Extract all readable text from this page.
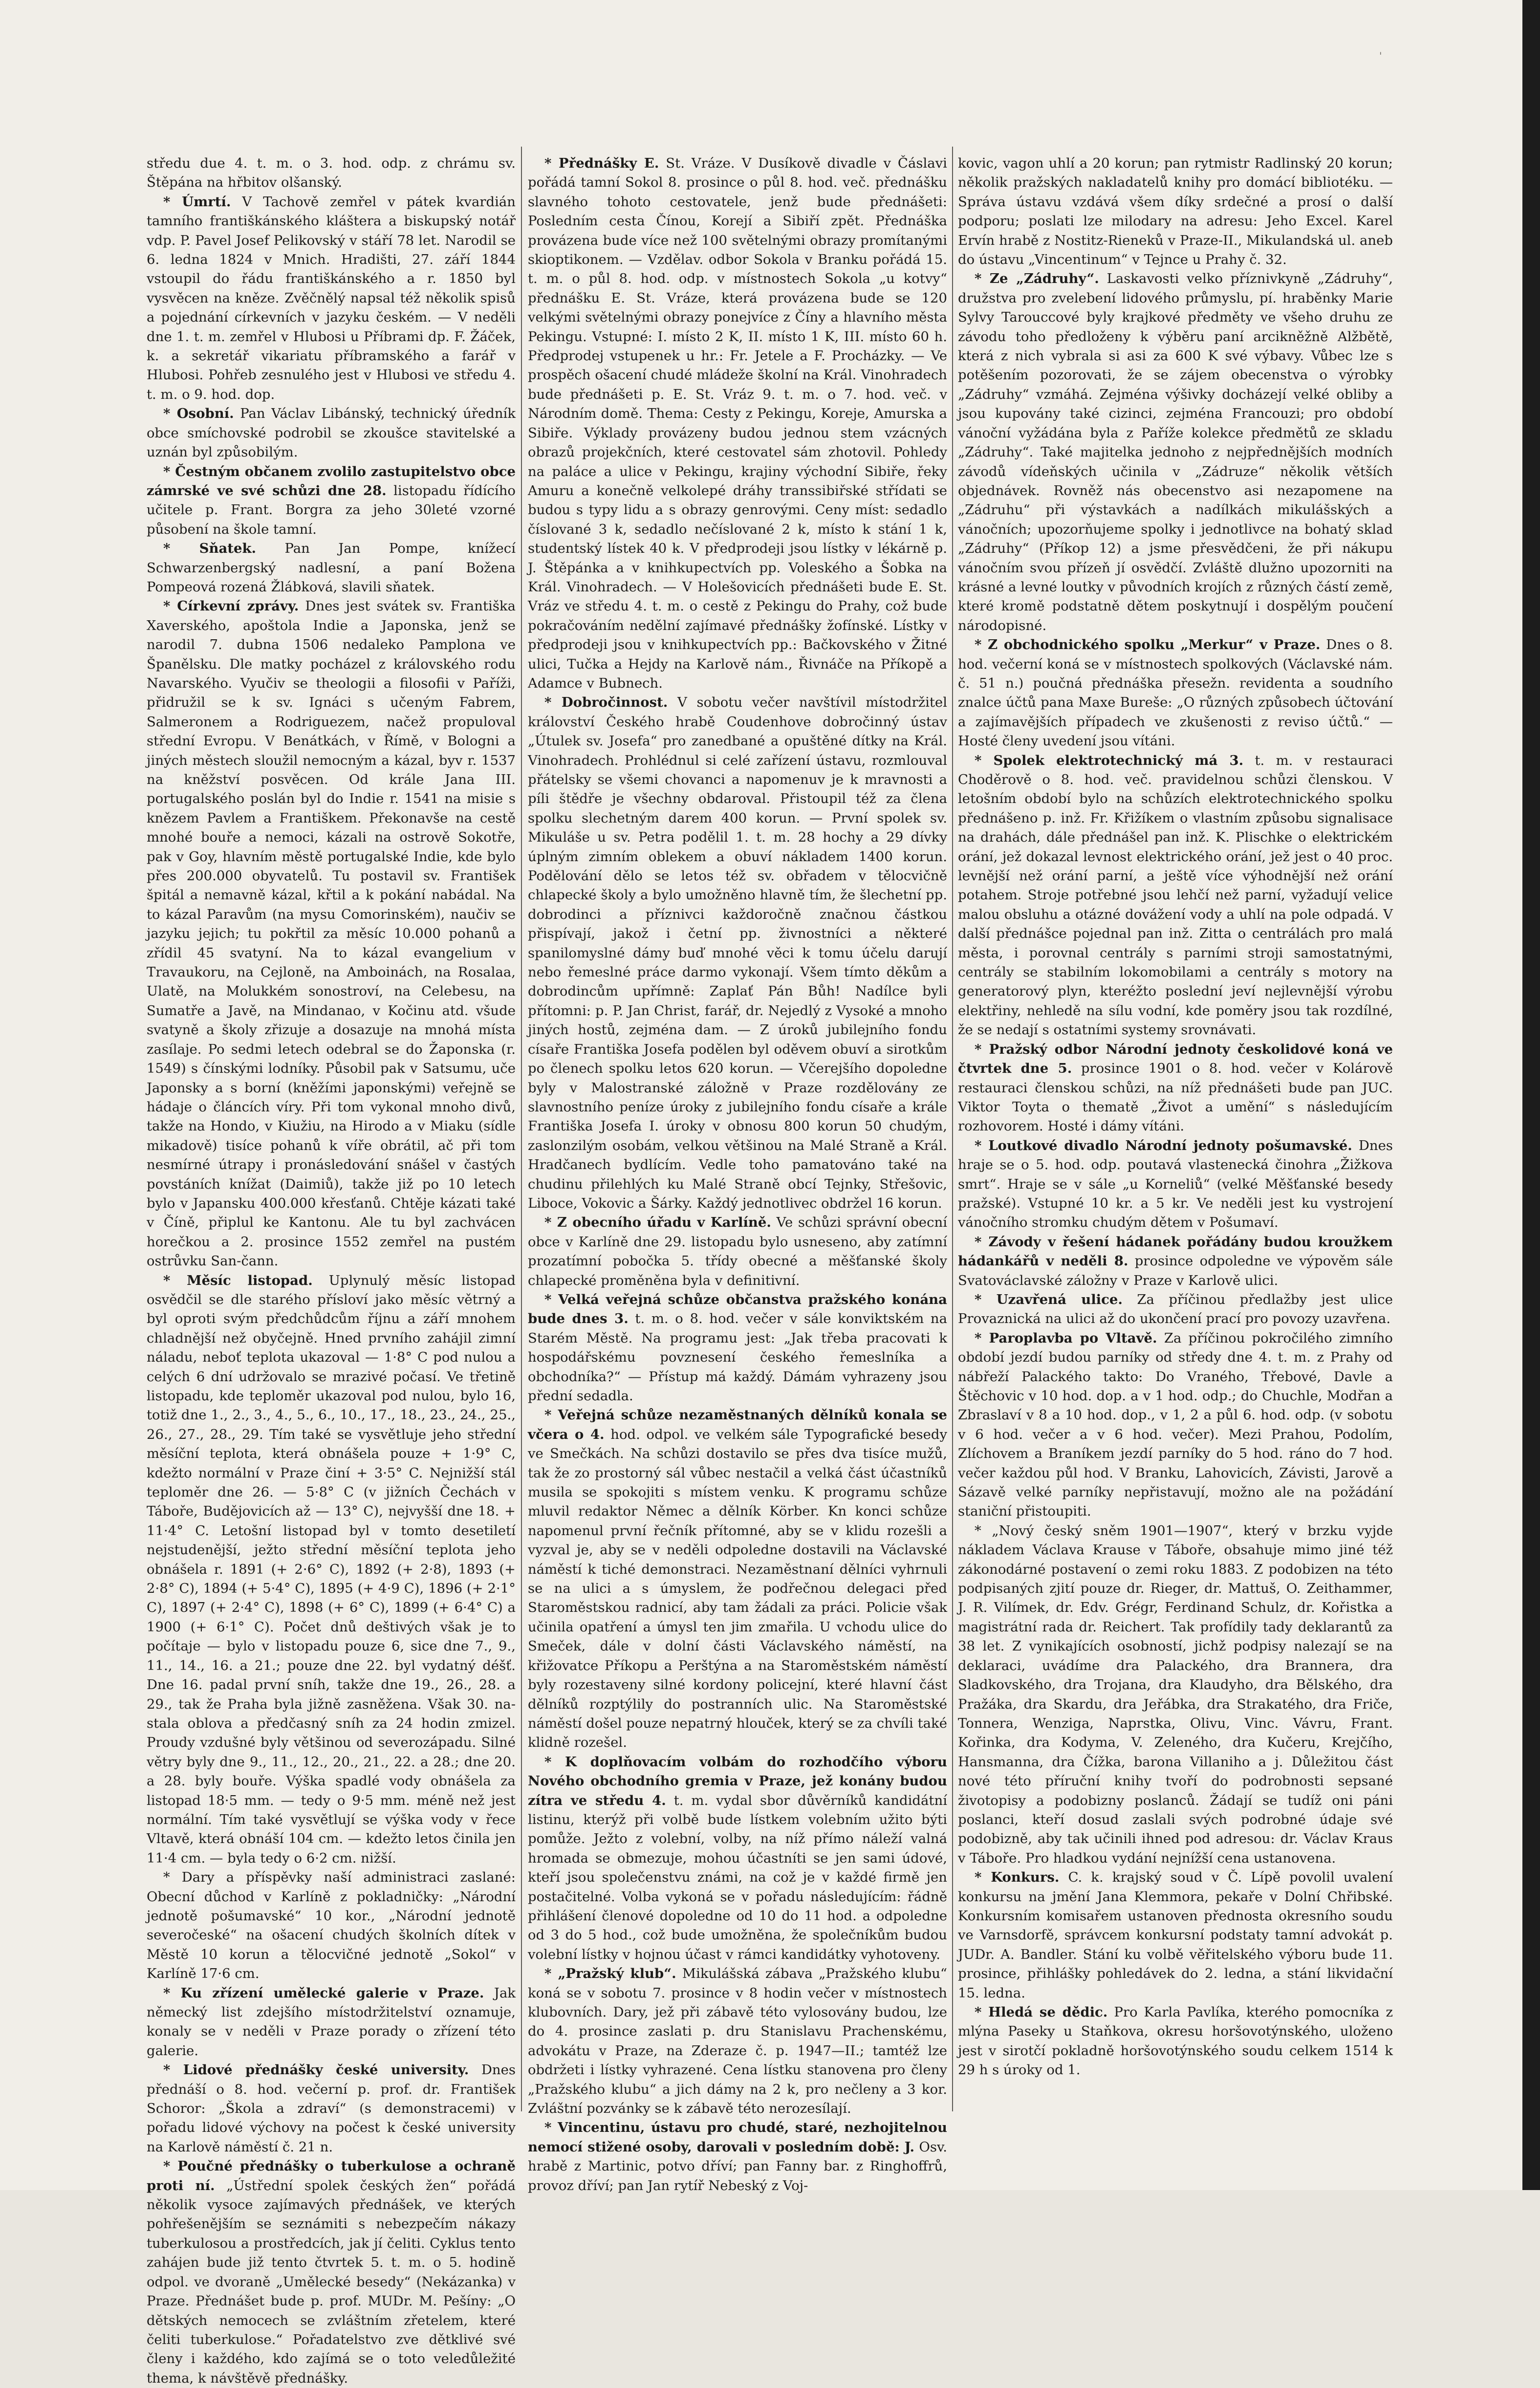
'

středu due 4. t. m. o 3. hod. odp. z chrámu sv. Štěpána na hřbitov olšanský.

* Úmrtí. V Tachově zemřel v pátek kvardián tamního františkánského kláštera a biskupský notář vdp. P. Pavel Josef Pelikovský v stáří 78 let. Narodil se 6. ledna 1824 v Mnich. Hradišti, 27. září 1844 vstoupil do řádu františkánského a r. 1850 byl vysvěcen na kněze. Zvěčnělý napsal též několik spisů a pojednání církevních v jazyku českém. — V neděli dne 1. t. m. zemřel v Hlubosi u Příbrami dp. F. Žáček, k. a sekretář vikariatu příbramského a farář v Hlubosi. Pohřeb zesnulého jest v Hlubosi ve středu 4. t. m. o 9. hod. dop.

* Osobní. Pan Václav Libánský, technický úředník obce smíchovské podrobil se zkoušce stavitelské a uznán byl způsobilým.

* Čestným občanem zvolilo zastupitelstvo obce zámrské ve své schůzi dne 28. listopadu řídícího učitele p. Frant. Borgra za jeho 30leté vzorné působení na škole tamní.

* Sňatek. Pan Jan Pompe, knížecí Schwarzenbergský nadlesní, a paní Božena Pompeová rozená Žlábková, slavili sňatek.

* Církevní zprávy. Dnes jest svátek sv. Františka Xaverského, apoštola Indie a Japonska, jenž se narodil 7. dubna 1506 nedaleko Pamplona ve Španělsku. Dle matky pocházel z královského rodu Navarského. Vyučiv se theologii a filosofii v Paříži, přidružil se k sv. Ignáci s učeným Fabrem, Salmeronem a Rodriguezem, načež propuloval střední Evropu. V Benátkách, v Římě, v Bologni a jiných městech sloužil nemocným a kázal, byv r. 1537 na kněžství posvěcen. Od krále Jana III. portugalského poslán byl do Indie r. 1541 na misie s knězem Pavlem a Františkem. Překonavše na cestě mnohé bouře a nemoci, kázali na ostrově Sokotře, pak v Goy, hlavním městě portugalské Indie, kde bylo přes 200.000 obyvatelů. Tu postavil sv. František špitál a nemavně kázal, křtil a k pokání nabádal. Na to kázal Paravům (na mysu Comorinském), naučiv se jazyku jejich; tu pokřtil za měsíc 10.000 pohanů a zřídil 45 svatyní. Na to kázal evangelium v Travaukoru, na Cejloně, na Amboinách, na Rosalaa, Ulatě, na Molukkém sonostroví, na Celebesu, na Sumatře a Javě, na Mindanao, v Kočinu atd. všude svatyně a školy zřizuje a dosazuje na mnohá místa zasílaje. Po sedmi letech odebral se do Žaponska (r. 1549) s čínskými lodníky. Působil pak v Satsumu, uče Japonsky a s borní (kněžími japonskými) veřejně se hádaje o článcích víry. Při tom vykonal mnoho divů, takže na Hondo, v Kiužiu, na Hirodo a v Miaku (sídle mikadově) tisíce pohanů k víře obrátil, ač při tom nesmírné útrapy i pronásledování snášel v častých povstáních knížat (Daimiů), takže již po 10 letech bylo v Japansku 400.000 křesťanů. Chtěje kázati také v Číně, připlul ke Kantonu. Ale tu byl zachvácen horečkou a 2. prosince 1552 zemřel na pustém ostrůvku San-čann.

* Měsíc listopad. Uplynulý měsíc listopad osvědčil se dle starého přísloví jako měsíc větrný a byl oproti svým předchůdcům říjnu a září mnohem chladnější než obyčejně. Hned prvního zahájil zimní náladu, neboť teplota ukazoval — 1·8° C pod nulou a celých 6 dní udržovalo se mrazivé počasí. Ve třetině listopadu, kde teploměr ukazoval pod nulou, bylo 16, totiž dne 1., 2., 3., 4., 5., 6., 10., 17., 18., 23., 24., 25., 26., 27., 28., 29. Tím také se vysvětluje jeho střední měsíční teplota, která obnášela pouze + 1·9° C, kdežto normální v Praze činí + 3·5° C. Nejnižší stál teploměr dne 26. — 5·8° C (v jižních Čechách v Táboře, Budějovicích až — 13° C), nejvyšší dne 18. + 11·4° C. Letošní listopad byl v tomto desetiletí nejstudenější, ježto střední měsíční teplota jeho obnášela r. 1891 (+ 2·6° C), 1892 (+ 2·8), 1893 (+ 2·8° C), 1894 (+ 5·4° C), 1895 (+ 4·9 C), 1896 (+ 2·1° C), 1897 (+ 2·4° C), 1898 (+ 6° C), 1899 (+ 6·4° C) a 1900 (+ 6·1° C). Počet dnů deštivých však je to počítaje — bylo v listopadu pouze 6, sice dne 7., 9., 11., 14., 16. a 21.; pouze dne 22. byl vydatný déšť. Dne 16. padal první sníh, takže dne 19., 26., 28. a 29., tak že Praha byla jižně zasněžena. Však 30. na-stala oblova a předčasný sníh za 24 hodin zmizel. Proudy vzdušné byly většinou od severozápadu. Silné větry byly dne 9., 11., 12., 20., 21., 22. a 28.; dne 20. a 28. byly bouře. Výška spadlé vody obnášela za listopad 18·5 mm. — tedy o 9·5 mm. méně než jest normální. Tím také vysvětlují se výška vody v řece Vltavě, která obnáší 104 cm. — kdežto letos činila jen 11·4 cm. — byla tedy o 6·2 cm. nižší.

* Dary a příspěvky naší administraci zaslané: Obecní důchod v Karlíně z pokladničky: „Národní jednotě pošumavské“ 10 kor., „Národní jednotě severočeské“ na ošacení chudých školních dítek v Městě 10 korun a tělocvičné jednotě „Sokol“ v Karlíně 17·6 cm.

* Ku zřízení umělecké galerie v Praze. Jak německý list zdejšího místodržitelství oznamuje, konaly se v neděli v Praze porady o zřízení této galerie.

* Lidové přednášky české university. Dnes přednáší o 8. hod. večerní p. prof. dr. František Schoror: „Škola a zdraví“ (s demonstracemi) v pořadu lidové výchovy na počest k české university na Karlově náměstí č. 21 n.

* Poučné přednášky o tuberkulose a ochraně proti ní. „Ústřední spolek českých žen“ pořádá několik vysoce zajímavých přednášek, ve kterých pohřešenějším se seznámiti s nebezpečím nákazy tuberkulosou a prostředcích, jak jí čeliti. Cyklus tento zahájen bude již tento čtvrtek 5. t. m. o 5. hodině odpol. ve dvoraně „Umělecké besedy“ (Nekázanka) v Praze. Přednášet bude p. prof. MUDr. M. Pešíny: „O dětských nemocech se zvláštním zřetelem, které čeliti tuberkulose.“ Pořadatelstvo zve dětklivé své členy i každého, kdo zajímá se o toto veledůležité thema, k návštěvě přednášky.

* Přednášky E. St. Vráze. V Dusíkově divadle v Čáslavi pořádá tamní Sokol 8. prosince o půl 8. hod. več. přednášku slavného tohoto cestovatele, jenž bude přednášeti: Posledním cesta Čínou, Korejí a Sibiří zpět. Přednáška provázena bude více než 100 světelnými obrazy promítanými skioptikonem. — Vzdělav. odbor Sokola v Branku pořádá 15. t. m. o půl 8. hod. odp. v místnostech Sokola „u kotvy“ přednášku E. St. Vráze, která provázena bude se 120 velkými světelnými obrazy ponejvíce z Číny a hlavního města Pekingu. Vstupné: I. místo 2 K, II. místo 1 K, III. místo 60 h. Předprodej vstupenek u hr.: Fr. Jetele a F. Procházky. — Ve prospěch ošacení chudé mládeže školní na Král. Vinohradech bude přednášeti p. E. St. Vráz 9. t. m. o 7. hod. več. v Národním domě. Thema: Cesty z Pekingu, Koreje, Amurska a Sibiře. Výklady provázeny budou jednou stem vzácných obrazů projekčních, které cestovatel sám zhotovil. Pohledy na paláce a ulice v Pekingu, krajiny východní Sibiře, řeky Amuru a konečně velkolepé dráhy transsibiřské střídati se budou s typy lidu a s obrazy genrovými. Ceny míst: sedadlo číslované 3 k, sedadlo nečíslované 2 k, místo k stání 1 k, studentský lístek 40 k. V předprodeji jsou lístky v lékárně p. J. Štěpánka a v knihkupectvích pp. Voleského a Šobka na Král. Vinohradech. — V Holešovicích přednášeti bude E. St. Vráz ve středu 4. t. m. o cestě z Pekingu do Prahy, což bude pokračováním nedělní zajímavé přednášky žofínské. Lístky v předprodeji jsou v knihkupectvích pp.: Bačkovského v Žitné ulici, Tučka a Hejdy na Karlově nám., Řivnáče na Příkopě a Adamce v Bubnech.

* Dobročinnost. V sobotu večer navštívil místodržitel království Českého hrabě Coudenhove dobročinný ústav „Útulek sv. Josefa“ pro zanedbané a opuštěné dítky na Král. Vinohradech. Prohlédnul si celé zařízení ústavu, rozmlouval přátelsky se všemi chovanci a napomenuv je k mravnosti a píli štědře je všechny obdaroval. Přistoupil též za člena spolku slechetným darem 400 korun. — První spolek sv. Mikuláše u sv. Petra podělil 1. t. m. 28 hochy a 29 dívky úplným zimním oblekem a obuví nákladem 1400 korun. Podělování dělo se letos též sv. obřadem v tělocvičně chlapecké školy a bylo umožněno hlavně tím, že šlechetní pp. dobrodinci a příznivci každoročně značnou částkou přispívají, jakož i četní pp. živnostníci a některé spanilomyslné dámy buď mnohé věci k tomu účelu darují nebo řemeslné práce darmo vykonají. Všem tímto děkům a dobrodincům upřímně: Zaplať Pán Bůh! Nadílce byli přítomni: p. P. Jan Christ, farář, dr. Nejedlý z Vysoké a mnoho jiných hostů, zejména dam. — Z úroků jubilejního fondu císaře Františka Josefa podělen byl oděvem obuví a sirotkům po členech spolku letos 620 korun. — Včerejšího dopoledne byly v Malostranské záložně v Praze rozdělovány ze slavnostního peníze úroky z jubilejního fondu císaře a krále Františka Josefa I. úroky v obnosu 800 korun 50 chudým, zaslonzilým osobám, velkou většinou na Malé Straně a Král. Hradčanech bydlícím. Vedle toho pamatováno také na chudinu přilehlých ku Malé Straně obcí Tejnky, Střešovic, Liboce, Vokovic a Šárky. Každý jednotlivec obdržel 16 korun.

* Z obecního úřadu v Karlíně. Ve schůzi správní obecní obce v Karlíně dne 29. listopadu bylo usneseno, aby zatímní prozatímní pobočka 5. třídy obecné a měšťanské školy chlapecké proměněna byla v definitivní.

* Velká veřejná schůze občanstva pražského konána bude dnes 3. t. m. o 8. hod. večer v sále konviktském na Starém Městě. Na programu jest: „Jak třeba pracovati k hospodářskému povznesení českého řemeslníka a obchodníka?“ — Přístup má každý. Dámám vyhrazeny jsou přední sedadla.

* Veřejná schůze nezaměstnaných dělníků konala se včera o 4. hod. odpol. ve velkém sále Typografické besedy ve Smečkách. Na schůzi dostavilo se přes dva tisíce mužů, tak že zo prostorný sál vůbec nestačil a velká část účastníků musila se spokojiti s místem venku. K programu schůze mluvil redaktor Němec a dělník Körber. Kn konci schůze napomenul první řečník přítomné, aby se v klidu rozešli a vyzval je, aby se v neděli odpoledne dostavili na Václavské náměstí k tiché demonstraci. Nezaměstnaní dělníci vyhrnuli se na ulici a s úmyslem, že podřečnou delegaci před Staroměstskou radnicí, aby tam žádali za práci. Policie však učinila opatření a úmysl ten jim zmařila. U vchodu ulice do Smeček, dále v dolní části Václavského náměstí, na křižovatce Příkopu a Perštýna a na Staroměstském náměstí byly rozestaveny silné kordony policejní, které hlavní část dělníků rozptýlily do postranních ulic. Na Staroměstské náměstí došel pouze nepatrný hlouček, který se za chvíli také klidně rozešel.

* K doplňovacím volbám do rozhodčího výboru Nového obchodního gremia v Praze, jež konány budou zítra ve středu 4. t. m. vydal sbor důvěrníků kandidátní listinu, kterýž při volbě bude lístkem volebním užito býti pomůže. Ježto z volební, volby, na níž přímo náleží valná hromada se obmezuje, mohou účastníti se jen sami údové, kteří jsou společenstvu známi, na což je v každé firmě jen postačitelné. Volba vykoná se v pořadu následujícím: řádně přihlášení členové dopoledne od 10 do 11 hod. a odpoledne od 3 do 5 hod., což bude umožněna, že společníkům budou volební lístky v hojnou účast v rámci kandidátky vyhotoveny.

* „Pražský klub“. Mikulášská zábava „Pražského klubu“ koná se v sobotu 7. prosince v 8 hodin večer v místnostech klubovních. Dary, jež při zábavě této vylosovány budou, lze do 4. prosince zaslati p. dru Stanislavu Prachenskému, advokátu v Praze, na Zderaze č. p. 1947—II.; tamtéž lze obdržeti i lístky vyhrazené. Cena lístku stanovena pro členy „Pražského klubu“ a jich dámy na 2 k, pro nečleny a 3 kor. Zvláštní pozvánky se k zábavě této nerozesílají.

* Vincentinu, ústavu pro chudé, staré, nezhojitelnou nemocí stižené osoby, darovali v posledním době: J. Osv. hrabě z Martinic, potvo dříví; pan Fanny bar. z Ringhoffrů, provoz dříví; pan Jan rytíř Nebeský z Voj-

kovic, vagon uhlí a 20 korun; pan rytmistr Radlinský 20 korun; několik pražských nakladatelů knihy pro domácí bibliotéku. — Správa ústavu vzdává všem díky srdečné a prosí o další podporu; poslati lze milodary na adresu: Jeho Excel. Karel Ervín hrabě z Nostitz-Rieneků v Praze-II., Mikulandská ul. aneb do ústavu „Vincentinum“ v Tejnce u Prahy č. 32.

* Ze „Zádruhy“. Laskavosti velko příznivkyně „Zádruhy“, družstva pro zvelebení lidového průmyslu, pí. hraběnky Marie Sylvy Tarouccové byly krajkové předměty ve všeho druhu ze závodu toho předloženy k výběru paní arcikněžně Alžbětě, která z nich vybrala si asi za 600 K své výbavy. Vůbec lze s potěšením pozorovati, že se zájem obecenstva o výrobky „Zádruhy“ vzmáhá. Zejména výšivky docházejí velké obliby a jsou kupovány také cizinci, zejména Francouzi; pro období vánoční vyžádána byla z Paříže kolekce předmětů ze skladu „Zádruhy“. Také majitelka jednoho z nejpřednějších modních závodů vídeňských učinila v „Zádruze“ několik větších objednávek. Rovněž nás obecenstvo asi nezapomene na „Zádruhu“ při výstavkách a nadílkách mikulášských a vánočních; upozorňujeme spolky i jednotlivce na bohatý sklad „Zádruhy“ (Příkop 12) a jsme přesvědčeni, že při nákupu vánočním svou přízeň jí osvědčí. Zvláště dlužno upozorniti na krásné a levné loutky v původních krojích z různých částí země, které kromě podstatně dětem poskytnují i dospělým poučení národopisné.

* Z obchodnického spolku „Merkur“ v Praze. Dnes o 8. hod. večerní koná se v místnostech spolkových (Václavské nám. č. 51 n.) poučná přednáška přesežn. revidenta a soudního znalce účtů pana Maxe Bureše: „O různých způsobech účtování a zajímavějších případech ve zkušenosti z reviso účtů.“ — Hosté členy uvedení jsou vítáni.

* Spolek elektrotechnický má 3. t. m. v restauraci Choděrově o 8. hod. več. pravidelnou schůzi členskou. V letošním období bylo na schůzích elektrotechnického spolku přednášeno p. inž. Fr. Křižíkem o vlastním způsobu signalisace na drahách, dále přednášel pan inž. K. Plischke o elektrickém orání, jež dokazal levnost elektrického orání, jež jest o 40 proc. levnější než orání parní, a ještě více výhodnější než orání potahem. Stroje potřebné jsou lehčí než parní, vyžadují velice malou obsluhu a otázné dovážení vody a uhlí na pole odpadá. V další přednášce pojednal pan inž. Zitta o centrálách pro malá města, i porovnal centrály s parními stroji samostatnými, centrály se stabilním lokomobilami a centrály s motory na generatorový plyn, kteréžto poslední jeví nejlevnější výrobu elektřiny, nehledě na sílu vodní, kde poměry jsou tak rozdílné, že se nedají s ostatními systemy srovnávati.

* Pražský odbor Národní jednoty českolidové koná ve čtvrtek dne 5. prosince 1901 o 8. hod. večer v Kolárově restauraci členskou schůzi, na níž přednášeti bude pan JUC. Viktor Toyta o thematě „Život a umění“ s následujícím rozhovorem. Hosté i dámy vítáni.

* Loutkové divadlo Národní jednoty pošumavské. Dnes hraje se o 5. hod. odp. poutavá vlastenecká činohra „Žižkova smrt“. Hraje se v sále „u Korneliů“ (velké Měšťanské besedy pražské). Vstupné 10 kr. a 5 kr. Ve neděli jest ku vystrojení vánočního stromku chudým dětem v Pošumaví.

* Závody v řešení hádanek pořádány budou kroužkem hádankářů v neděli 8. prosince odpoledne ve výpověm sále Svatováclavské záložny v Praze v Karlově ulici.

* Uzavřená ulice. Za příčinou předlažby jest ulice Provaznická na ulici až do ukončení prací pro povozy uzavřena.

* Paroplavba po Vltavě. Za příčinou pokročilého zimního období jezdí budou parníky od středy dne 4. t. m. z Prahy od nábřeží Palackého takto: Do Vraného, Třebové, Davle a Štěchovic v 10 hod. dop. a v 1 hod. odp.; do Chuchle, Modřan a Zbraslaví v 8 a 10 hod. dop., v 1, 2 a půl 6. hod. odp. (v sobotu v 6 hod. večer a v 6 hod. večer). Mezi Prahou, Podolím, Zlíchovem a Braníkem jezdí parníky do 5 hod. ráno do 7 hod. večer každou půl hod. V Branku, Lahovicích, Závisti, Jarově a Sázavě velké parníky nepřistavují, možno ale na požádání staniční přistoupiti.

* „Nový český sněm 1901—1907“, který v brzku vyjde nákladem Václava Krause v Táboře, obsahuje mimo jiné též zákonodárné postavení o zemi roku 1883. Z podobizen na této podpisaných zjití pouze dr. Rieger, dr. Mattuš, O. Zeithammer, J. R. Vilímek, dr. Edv. Grégr, Ferdinand Schulz, dr. Kořistka a magistrátní rada dr. Reichert. Tak profídily tady deklarantů za 38 let. Z vynikajících osobností, jichž podpisy nalezají se na deklaraci, uvádíme dra Palackého, dra Brannera, dra Sladkovského, dra Trojana, dra Klaudyho, dra Bělského, dra Pražáka, dra Skardu, dra Jeřábka, dra Strakatého, dra Friče, Tonnera, Wenziga, Naprstka, Olivu, Vinc. Vávru, Frant. Kořinka, dra Kodyma, V. Zeleného, dra Kučeru, Krejčího, Hansmanna, dra Čížka, barona Villaniho a j. Důležitou část nové této příruční knihy tvoří do podrobnosti sepsané životopisy a podobizny poslanců. Žádají se tudíž oni páni poslanci, kteří dosud zaslali svých podrobné údaje své podobizně, aby tak učinili ihned pod adresou: dr. Václav Kraus v Táboře. Pro hladkou vydání nejnížší cena ustanovena.

* Konkurs. C. k. krajský soud v Č. Lípě povolil uvalení konkursu na jmění Jana Klemmora, pekaře v Dolní Chřibské. Konkursním komisařem ustanoven přednosta okresního soudu ve Varnsdorfě, správcem konkursní podstaty tamní advokát p. JUDr. A. Bandler. Stání ku volbě věřitelského výboru bude 11. prosince, přihlášky pohledávek do 2. ledna, a stání likvidační 15. ledna.

* Hledá se dědic. Pro Karla Pavlíka, kterého pomocníka z mlýna Paseky u Staňkova, okresu horšovotýnského, uloženo jest v sirotčí pokladně horšovotýnského soudu celkem 1514 k 29 h s úroky od 1.
